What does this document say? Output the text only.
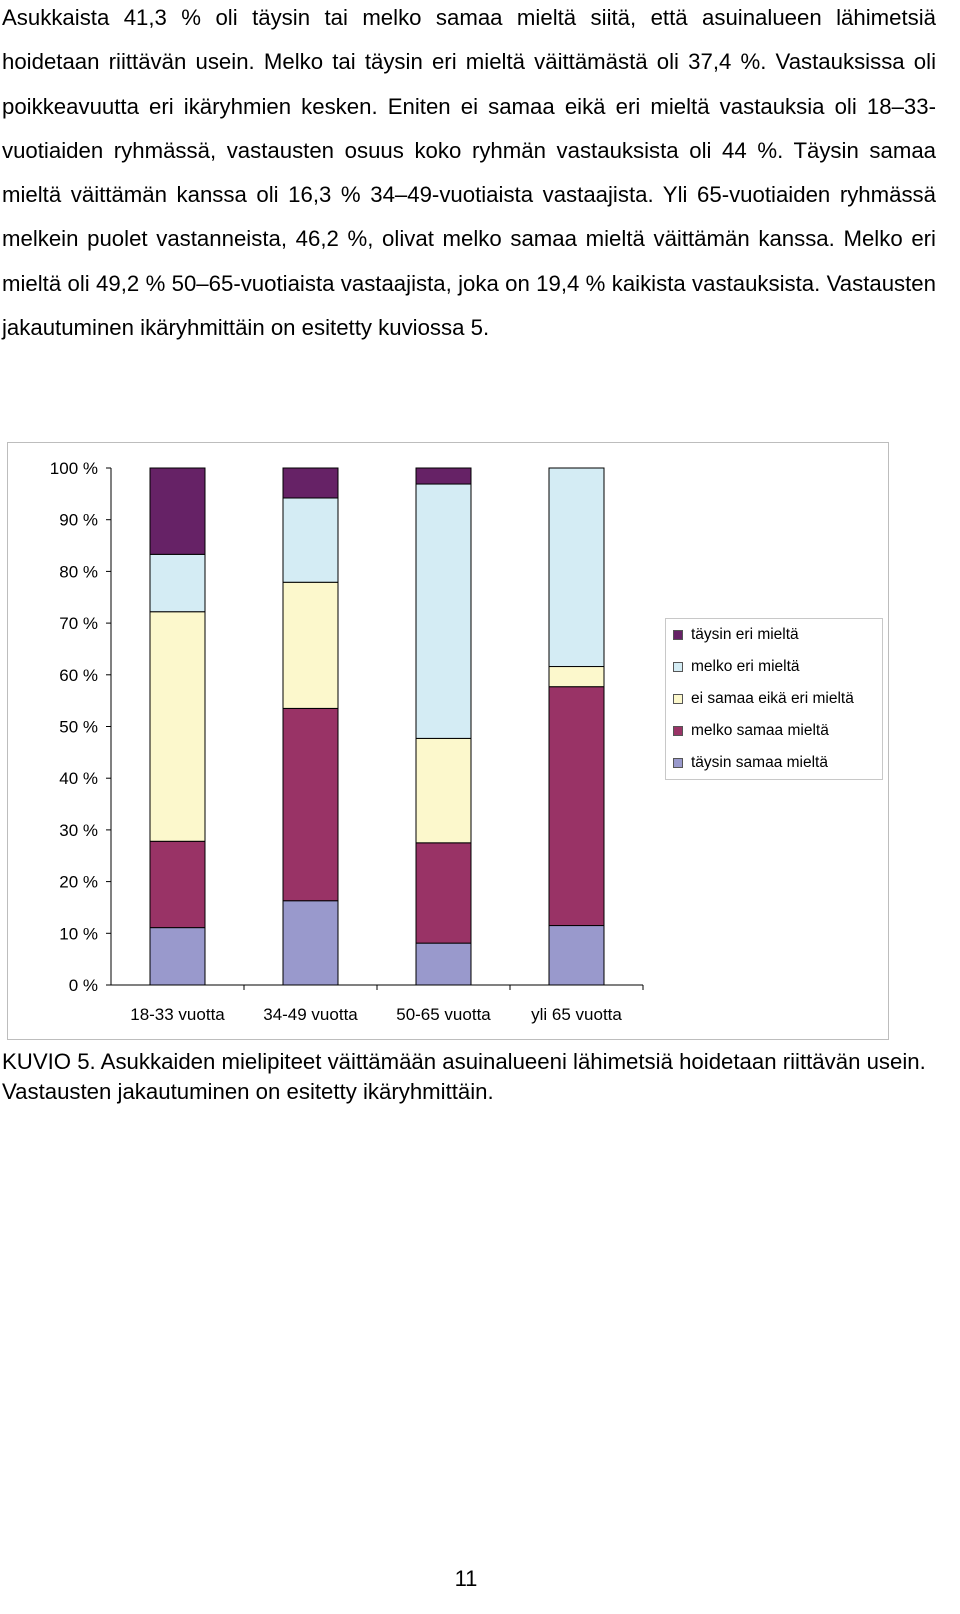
Asukkaista 41,3 % oli täysin tai melko samaa mieltä siitä, että asuinalueen lähimetsiä hoidetaan riittävän usein. Melko tai täysin eri mieltä väittämästä oli 37,4 %. Vastauksissa oli poikkeavuutta eri ikäryhmien kesken. Eniten ei samaa eikä eri mieltä vastauksia oli 18–33-vuotiaiden ryhmässä, vastausten osuus koko ryhmän vastauksista oli 44 %. Täysin samaa mieltä väittämän kanssa oli 16,3 % 34–49-vuotiaista vastaajista. Yli 65-vuotiaiden ryhmässä melkein puolet vastanneista, 46,2 %, olivat melko samaa mieltä väittämän kanssa. Melko eri mieltä oli 49,2 % 50–65-vuotiaista vastaajista, joka on 19,4 % kaikista vastauksista. Vastausten jakautuminen ikäryhmittäin on esitetty kuviossa 5.

0 %
10 %
20 %
30 %
40 %
50 %
60 %
70 %
80 %
90 %
100 %
18-33 vuotta 34-49 vuotta 50-65 vuotta yli 65 vuotta
täysin eri mieltä
melko eri mieltä
ei samaa eikä eri mieltä
melko samaa mieltä
täysin samaa mieltä

KUVIO 5. Asukkaiden mielipiteet väittämään asuinalueeni lähimetsiä hoidetaan riittävän usein. Vastausten jakautuminen on esitetty ikäryhmittäin.

11
